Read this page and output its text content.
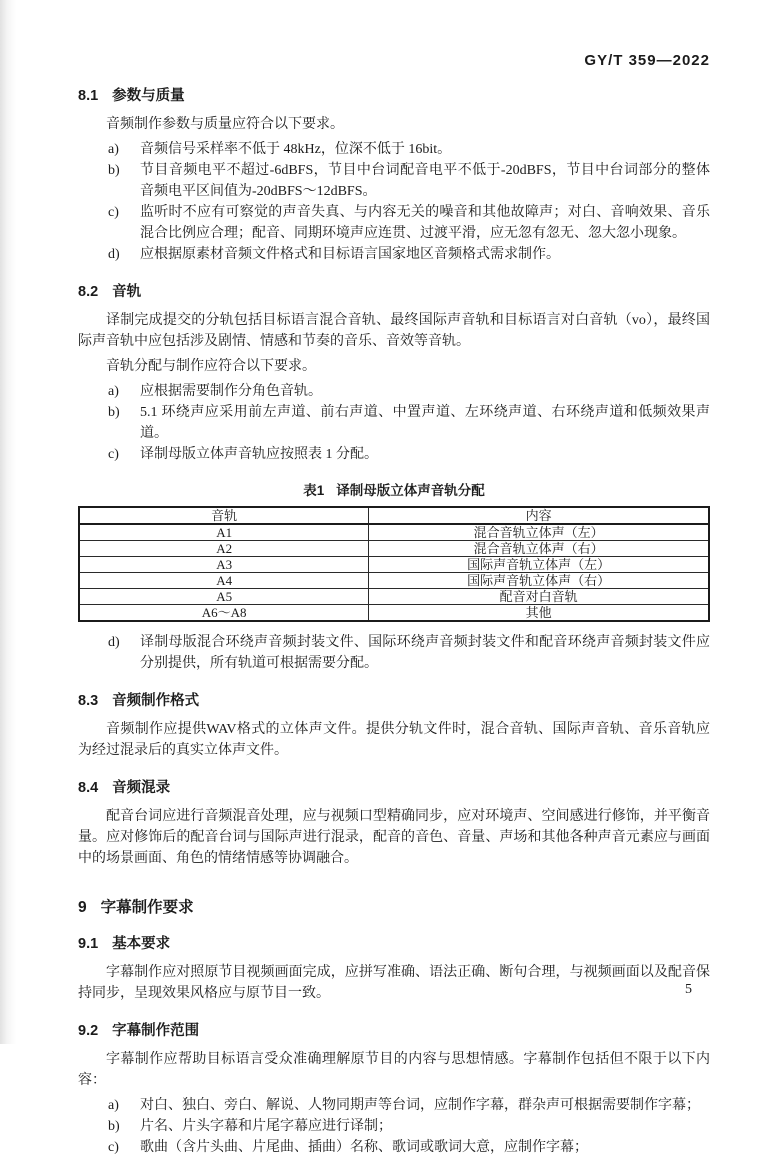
GY/T 359—2022
8.1 参数与质量

音频制作参数与质量应符合以下要求。

a)	音频信号采样率不低于 48kHz，位深不低于 16bit。
b)	节目音频电平不超过-6dBFS，节目中台词配音电平不低于-20dBFS，节目中台词部分的整体音频电平区间值为-20dBFS～12dBFS。
c)	监听时不应有可察觉的声音失真、与内容无关的噪音和其他故障声；对白、音响效果、音乐混合比例应合理；配音、同期环境声应连贯、过渡平滑，应无忽有忽无、忽大忽小现象。
d)	应根据原素材音频文件格式和目标语言国家地区音频格式需求制作。
8.2 音轨

译制完成提交的分轨包括目标语言混合音轨、最终国际声音轨和目标语言对白音轨（vo），最终国际声音轨中应包括涉及剧情、情感和节奏的音乐、音效等音轨。

音轨分配与制作应符合以下要求。

a)	应根据需要制作分角色音轨。
b)	5.1 环绕声应采用前左声道、前右声道、中置声道、左环绕声道、右环绕声道和低频效果声道。
c)	译制母版立体声音轨应按照表 1 分配。
表1 译制母版立体声音轨分配
音轨	内容
A1	混合音轨立体声（左）
A2	混合音轨立体声（右）
A3	国际声音轨立体声（左）
A4	国际声音轨立体声（右）
A5	配音对白音轨
A6～A8	其他
d)	译制母版混合环绕声音频封装文件、国际环绕声音频封装文件和配音环绕声音频封装文件应分别提供，所有轨道可根据需要分配。
8.3 音频制作格式

音频制作应提供WAV格式的立体声文件。提供分轨文件时，混合音轨、国际声音轨、音乐音轨应为经过混录后的真实立体声文件。

8.4 音频混录

配音台词应进行音频混音处理，应与视频口型精确同步，应对环境声、空间感进行修饰，并平衡音量。应对修饰后的配音台词与国际声进行混录，配音的音色、音量、声场和其他各种声音元素应与画面中的场景画面、角色的情绪情感等协调融合。

9 字幕制作要求
9.1 基本要求

字幕制作应对照原节目视频画面完成，应拼写准确、语法正确、断句合理，与视频画面以及配音保持同步，呈现效果风格应与原节目一致。

9.2 字幕制作范围

字幕制作应帮助目标语言受众准确理解原节目的内容与思想情感。字幕制作包括但不限于以下内容：

a)	对白、独白、旁白、解说、人物同期声等台词，应制作字幕，群杂声可根据需要制作字幕；
b)	片名、片头字幕和片尾字幕应进行译制；
c)	歌曲（含片头曲、片尾曲、插曲）名称、歌词或歌词大意，应制作字幕；
5
